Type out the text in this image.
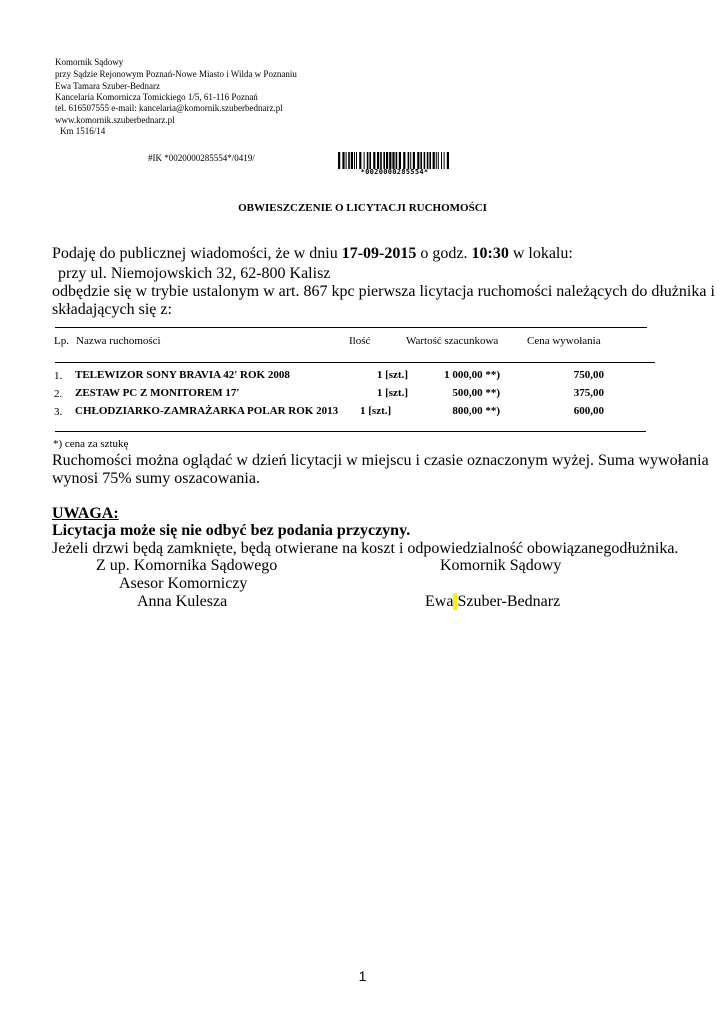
Komornik Sądowy
przy Sądzie Rejonowym Poznań-Nowe Miasto i Wilda w Poznaniu
Ewa Tamara Szuber-Bednarz
Kancelaria Komornicza Tomickiego 1/5, 61-116 Poznań
tel. 616507555 e-mail: kancelaria@komornik.szuberbednarz.pl
www.komornik.szuberbednarz.pl
Km 1516/14
#IK *0020000285554*/0419/
*0020000285554*
OBWIESZCZENIE O LICYTACJI RUCHOMOŚCI
Podaję do publicznej wiadomości, że w dniu 17-09-2015 o godz. 10:30 w lokalu:
przy ul. Niemojowskich 32, 62-800 Kalisz
odbędzie się w trybie ustalonym w art. 867 kpc pierwsza licytacja ruchomości należących do dłużnika i
składających się z:
Lp. Nazwa ruchomości	Ilość	Wartość szacunkowa	Cena wywołania
1. TELEWIZOR SONY BRAVIA 42' ROK 2008	1 [szt.]	1 000,00 **)	750,00
2. ZESTAW PC Z MONITOREM 17'	1 [szt.]	500,00 **)	375,00
3. CHŁODZIARKO-ZAMRAŻARKA POLAR ROK 2013 1 [szt.]	800,00 **)	600,00
*) cena za sztukę
Ruchomości można oglądać w dzień licytacji w miejscu i czasie oznaczonym wyżej. Suma wywołania
wynosi 75% sumy oszacowania.
UWAGA:
Licytacja może się nie odbyć bez podania przyczyny.
Jeżeli drzwi będą zamknięte, będą otwierane na koszt i odpowiedzialność obowiązanegodłużnika.
Z up. Komornika Sądowego
Asesor Komorniczy
Anna Kulesza
Komornik Sądowy
Ewa Szuber-Bednarz
1
